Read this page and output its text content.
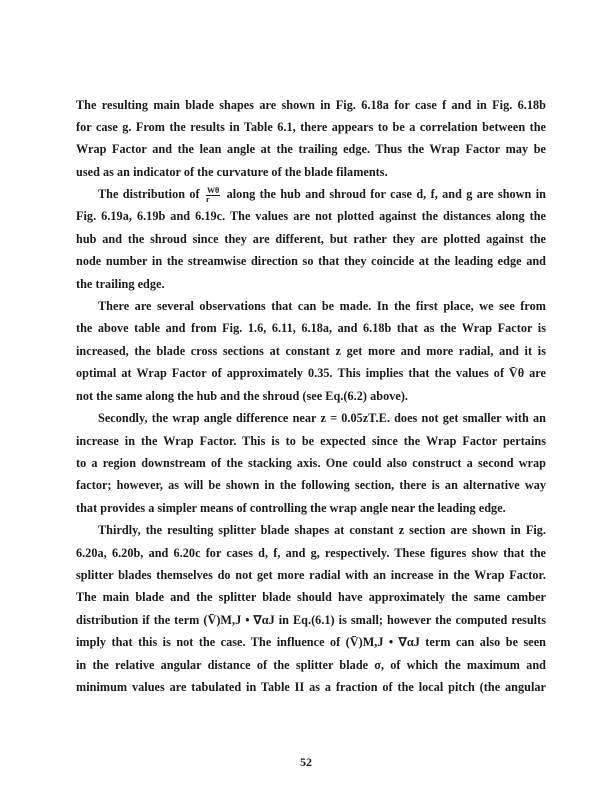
The resulting main blade shapes are shown in Fig. 6.18a for case f and in Fig. 6.18b
for case g. From the results in Table 6.1, there appears to be a correlation between the
Wrap Factor and the lean angle at the trailing edge. Thus the Wrap Factor may be
used as an indicator of the curvature of the blade filaments.
The distribution of $\frac{W\theta}{r}$ along the hub and shroud for case d, f, and g are shown in
Fig. 6.19a, 6.19b and 6.19c. The values are not plotted against the distances along the
hub and the shroud since they are different, but rather they are plotted against the
node number in the streamwise direction so that they coincide at the leading edge and
the trailing edge.
There are several observations that can be made. In the first place, we see from
the above table and from Fig. 1.6, 6.11, 6.18a, and 6.18b that as the Wrap Factor is
increased, the blade cross sections at constant z get more and more radial, and it is
optimal at Wrap Factor of approximately 0.35. This implies that the values of V̄θ are
not the same along the hub and the shroud (see Eq.(6.2) above).
Secondly, the wrap angle difference near z = 0.05zT.E. does not get smaller with an
increase in the Wrap Factor. This is to be expected since the Wrap Factor pertains
to a region downstream of the stacking axis. One could also construct a second wrap
factor; however, as will be shown in the following section, there is an alternative way
that provides a simpler means of controlling the wrap angle near the leading edge.
Thirdly, the resulting splitter blade shapes at constant z section are shown in Fig.
6.20a, 6.20b, and 6.20c for cases d, f, and g, respectively. These figures show that the
splitter blades themselves do not get more radial with an increase in the Wrap Factor.
The main blade and the splitter blade should have approximately the same camber
distribution if the term (V̄)M,J • ∇αJ in Eq.(6.1) is small; however the computed results
imply that this is not the case. The influence of (V̄)M,J • ∇αJ term can also be seen
in the relative angular distance of the splitter blade σ, of which the maximum and
minimum values are tabulated in Table II as a fraction of the local pitch (the angular
52
